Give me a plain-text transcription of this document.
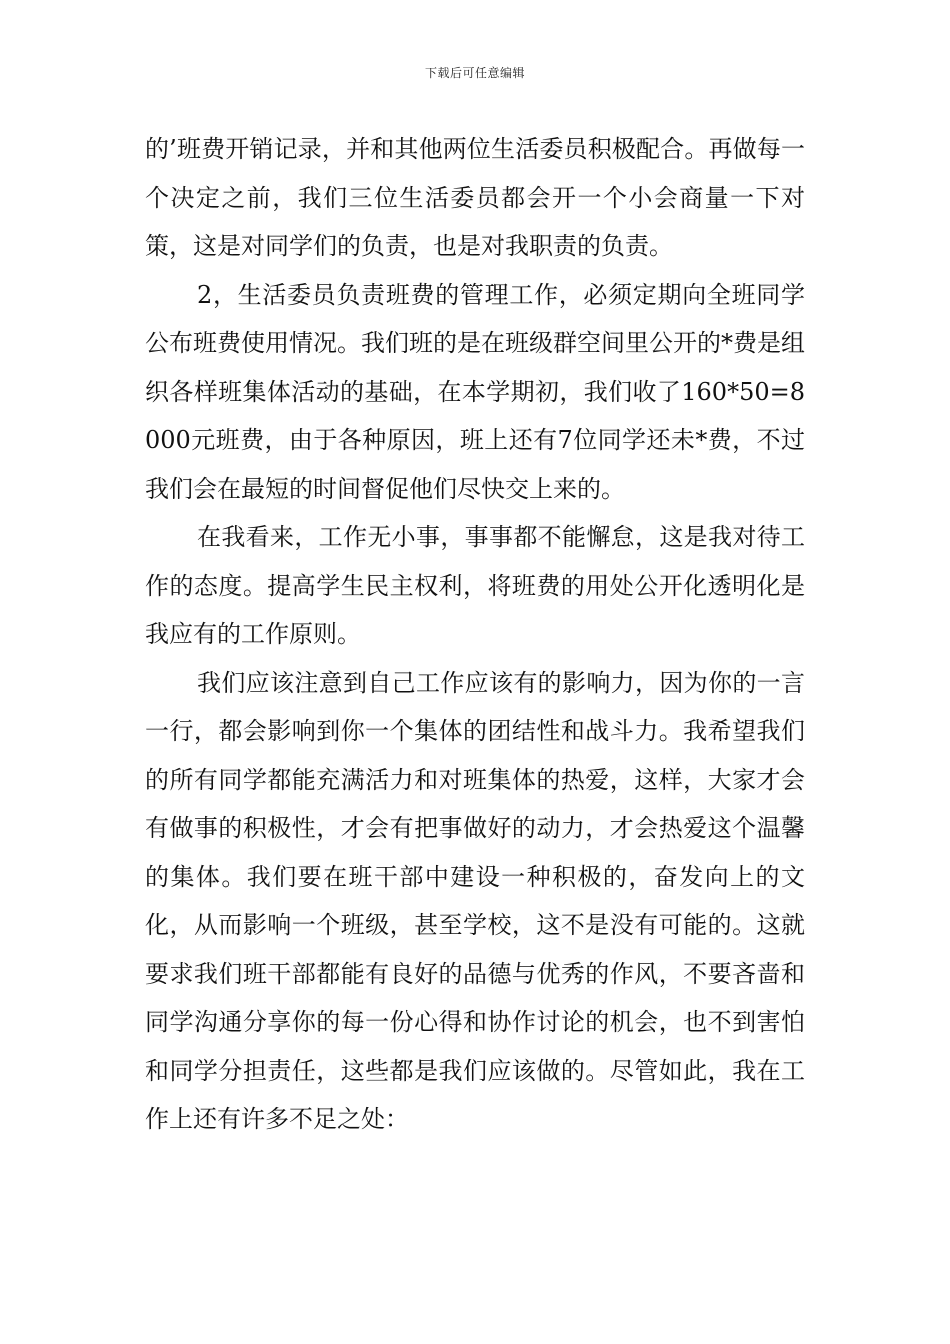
下载后可任意编辑

的’班费开销记录，并和其他两位生活委员积极配合。再做每一个决定之前，我们三位生活委员都会开一个小会商量一下对策，这是对同学们的负责，也是对我职责的负责。

2，生活委员负责班费的管理工作，必须定期向全班同学公布班费使用情况。我们班的是在班级群空间里公开的*费是组织各样班集体活动的基础，在本学期初，我们收了160*50=8000元班费，由于各种原因，班上还有7位同学还未*费，不过我们会在最短的时间督促他们尽快交上来的。

在我看来，工作无小事，事事都不能懈怠，这是我对待工作的态度。提高学生民主权利，将班费的用处公开化透明化是我应有的工作原则。

我们应该注意到自己工作应该有的影响力，因为你的一言一行，都会影响到你一个集体的团结性和战斗力。我希望我们的所有同学都能充满活力和对班集体的热爱，这样，大家才会有做事的积极性，才会有把事做好的动力，才会热爱这个温馨的集体。我们要在班干部中建设一种积极的，奋发向上的文化，从而影响一个班级，甚至学校，这不是没有可能的。这就要求我们班干部都能有良好的品德与优秀的作风，不要吝啬和同学沟通分享你的每一份心得和协作讨论的机会，也不到害怕和同学分担责任，这些都是我们应该做的。尽管如此，我在工作上还有许多不足之处：
